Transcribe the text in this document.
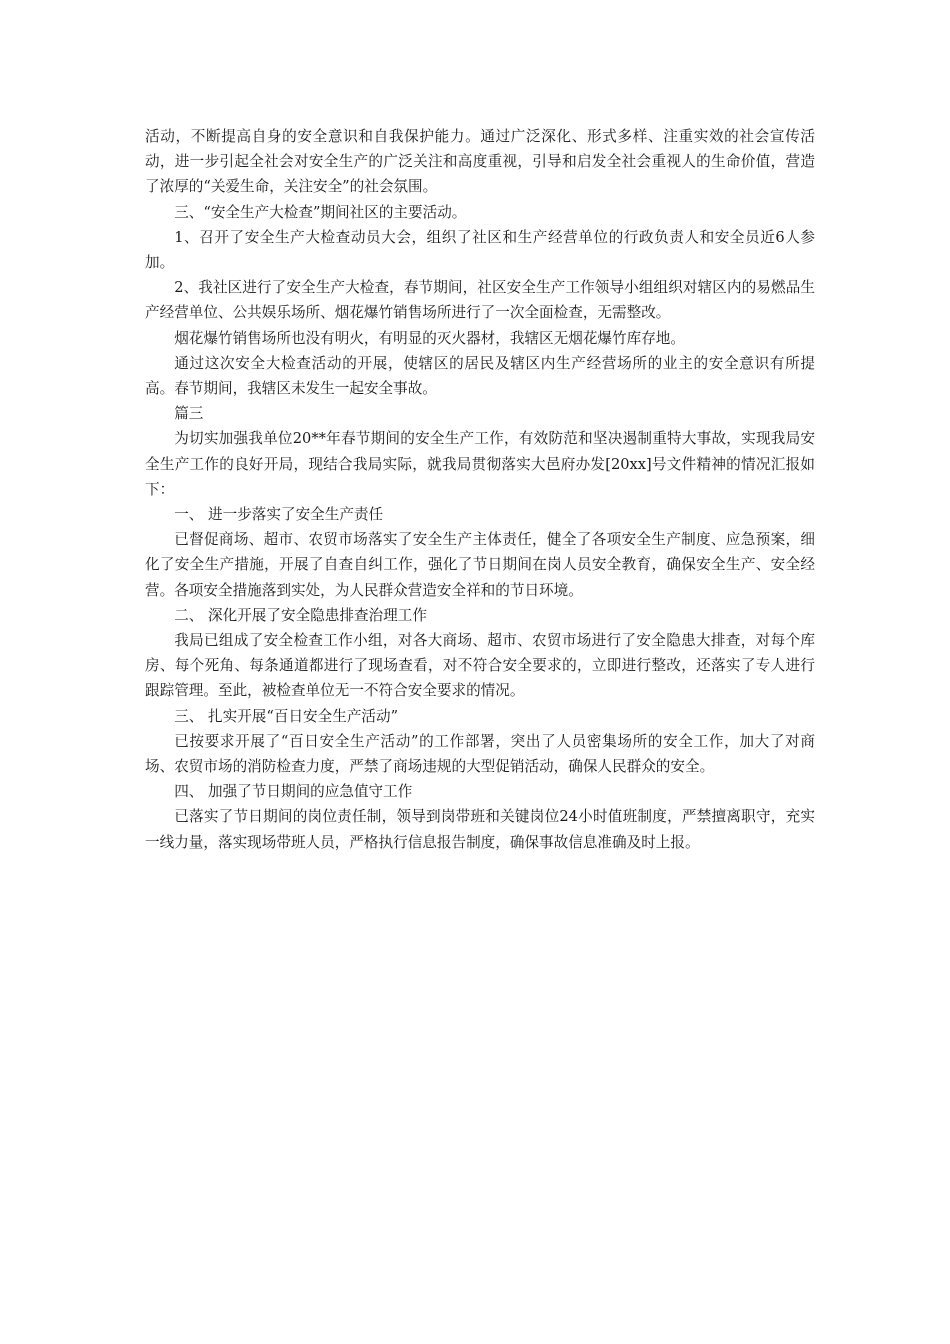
活动，不断提高自身的安全意识和自我保护能力。通过广泛深化、形式多样、注重实效的社会宣传活动，进一步引起全社会对安全生产的广泛关注和高度重视，引导和启发全社会重视人的生命价值，营造了浓厚的“关爱生命，关注安全”的社会氛围。

三、“安全生产大检查”期间社区的主要活动。

1、召开了安全生产大检查动员大会，组织了社区和生产经营单位的行政负责人和安全员近6人参加。

2、我社区进行了安全生产大检查，春节期间，社区安全生产工作领导小组组织对辖区内的易燃品生产经营单位、公共娱乐场所、烟花爆竹销售场所进行了一次全面检查，无需整改。

烟花爆竹销售场所也没有明火，有明显的灭火器材，我辖区无烟花爆竹库存地。

通过这次安全大检查活动的开展，使辖区的居民及辖区内生产经营场所的业主的安全意识有所提高。春节期间，我辖区未发生一起安全事故。

篇三

为切实加强我单位20**年春节期间的安全生产工作，有效防范和坚决遏制重特大事故，实现我局安全生产工作的良好开局，现结合我局实际，就我局贯彻落实大邑府办发[20xx]号文件精神的情况汇报如下：

一、 进一步落实了安全生产责任

已督促商场、超市、农贸市场落实了安全生产主体责任，健全了各项安全生产制度、应急预案，细化了安全生产措施，开展了自查自纠工作，强化了节日期间在岗人员安全教育，确保安全生产、安全经营。各项安全措施落到实处，为人民群众营造安全祥和的节日环境。

二、 深化开展了安全隐患排查治理工作

我局已组成了安全检查工作小组，对各大商场、超市、农贸市场进行了安全隐患大排查，对每个库房、每个死角、每条通道都进行了现场查看，对不符合安全要求的，立即进行整改，还落实了专人进行跟踪管理。至此，被检查单位无一不符合安全要求的情况。

三、 扎实开展“百日安全生产活动”

已按要求开展了“百日安全生产活动”的工作部署，突出了人员密集场所的安全工作，加大了对商场、农贸市场的消防检查力度，严禁了商场违规的大型促销活动，确保人民群众的安全。

四、 加强了节日期间的应急值守工作

已落实了节日期间的岗位责任制，领导到岗带班和关键岗位24小时值班制度，严禁擅离职守，充实一线力量，落实现场带班人员，严格执行信息报告制度，确保事故信息准确及时上报。
